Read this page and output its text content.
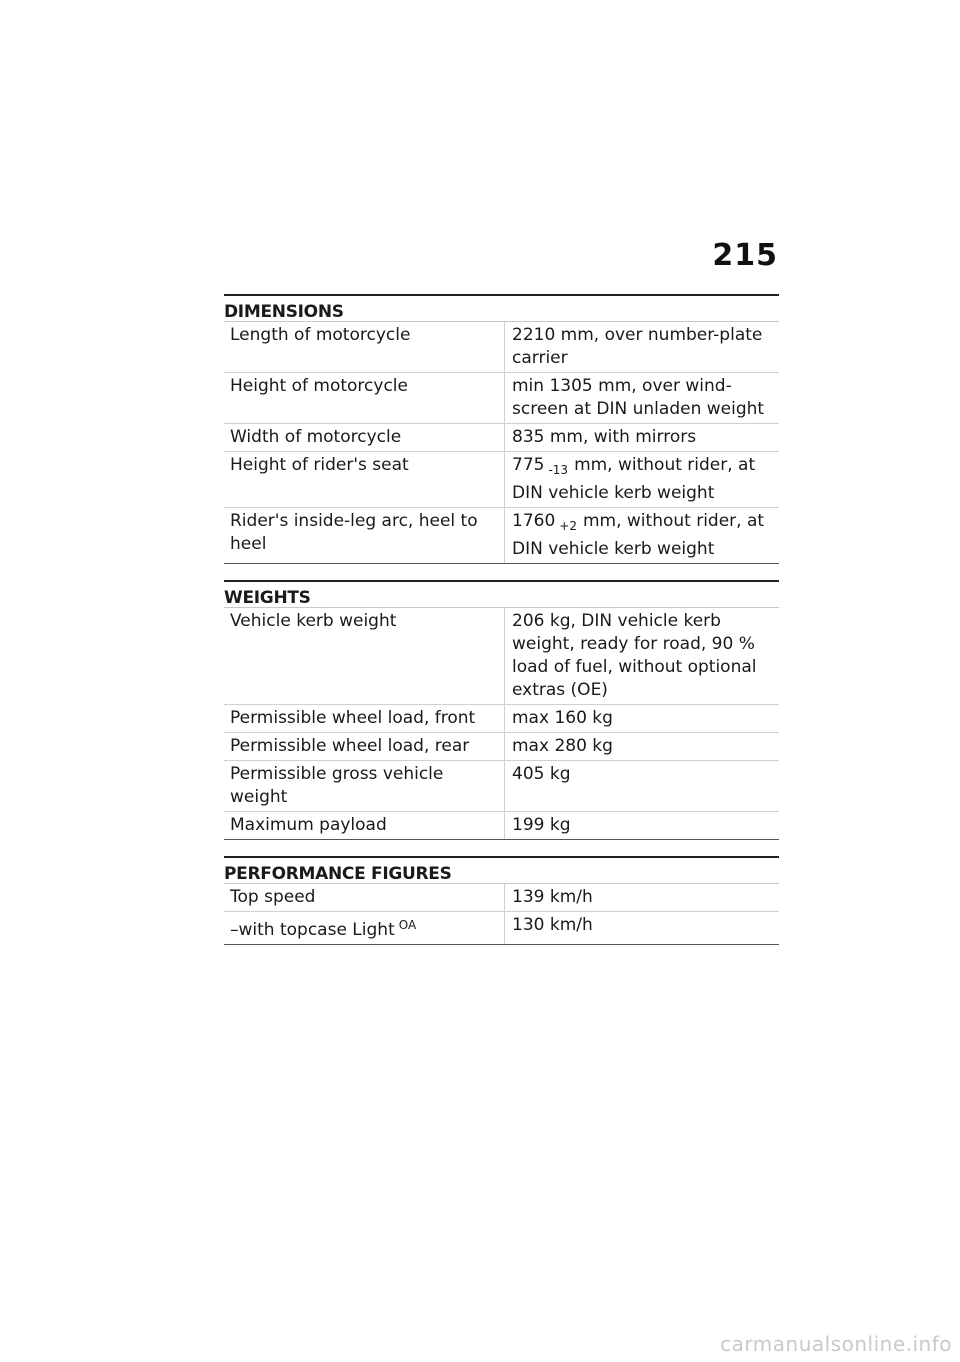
215
DIMENSIONS
Length of motorcycle	2210 mm, over number-plate carrier
Height of motorcycle	min 1305 mm, over wind-screen at DIN unladen weight
Width of motorcycle	835 mm, with mirrors
Height of rider's seat	775 -13 mm, without rider, at DIN vehicle kerb weight
Rider's inside-leg arc, heel to heel	1760 +2 mm, without rider, at DIN vehicle kerb weight
WEIGHTS
Vehicle kerb weight	206 kg, DIN vehicle kerb weight, ready for road, 90 % load of fuel, without optional extras (OE)
Permissible wheel load, front	max 160 kg
Permissible wheel load, rear	max 280 kg
Permissible gross vehicle weight	405 kg
Maximum payload	199 kg
PERFORMANCE FIGURES
Top speed	139 km/h
–with topcase Light OA	130 km/h
carmanualsonline.info
